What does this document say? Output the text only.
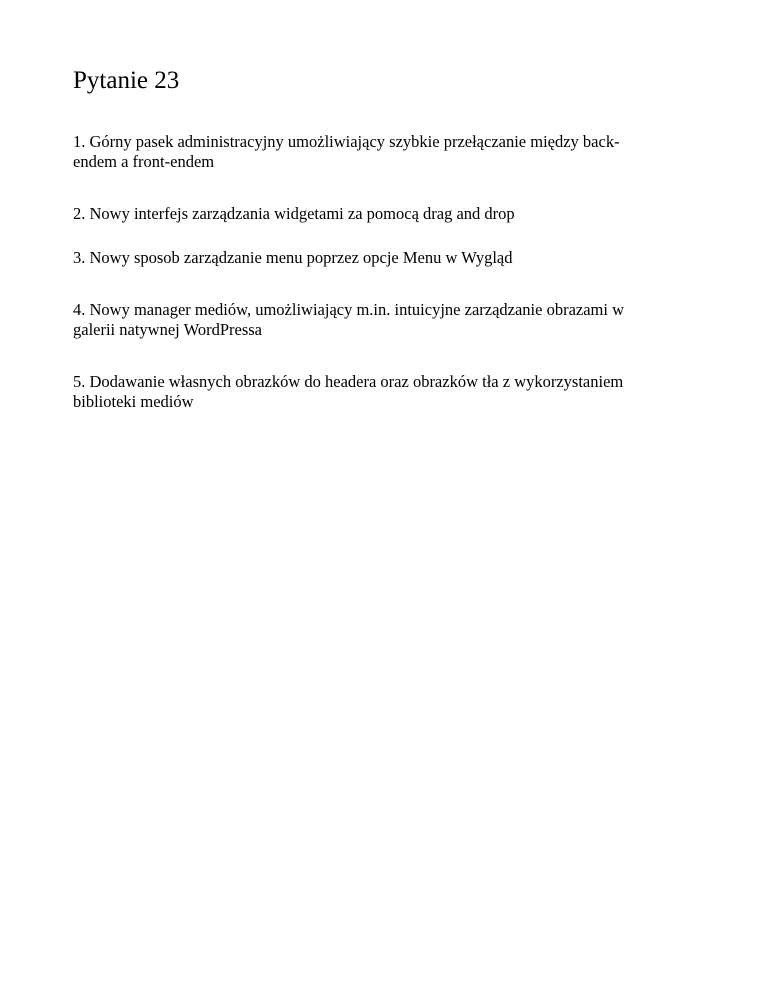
Pytanie 23

1. Górny pasek administracyjny umożliwiający szybkie przełączanie między back-
endem a front-endem

2. Nowy interfejs zarządzania widgetami za pomocą drag and drop

3. Nowy sposob zarządzanie menu poprzez opcje Menu w Wygląd

4. Nowy manager mediów, umożliwiający m.in. intuicyjne zarządzanie obrazami w
galerii natywnej WordPressa

5. Dodawanie własnych obrazków do headera oraz obrazków tła z wykorzystaniem
biblioteki mediów
